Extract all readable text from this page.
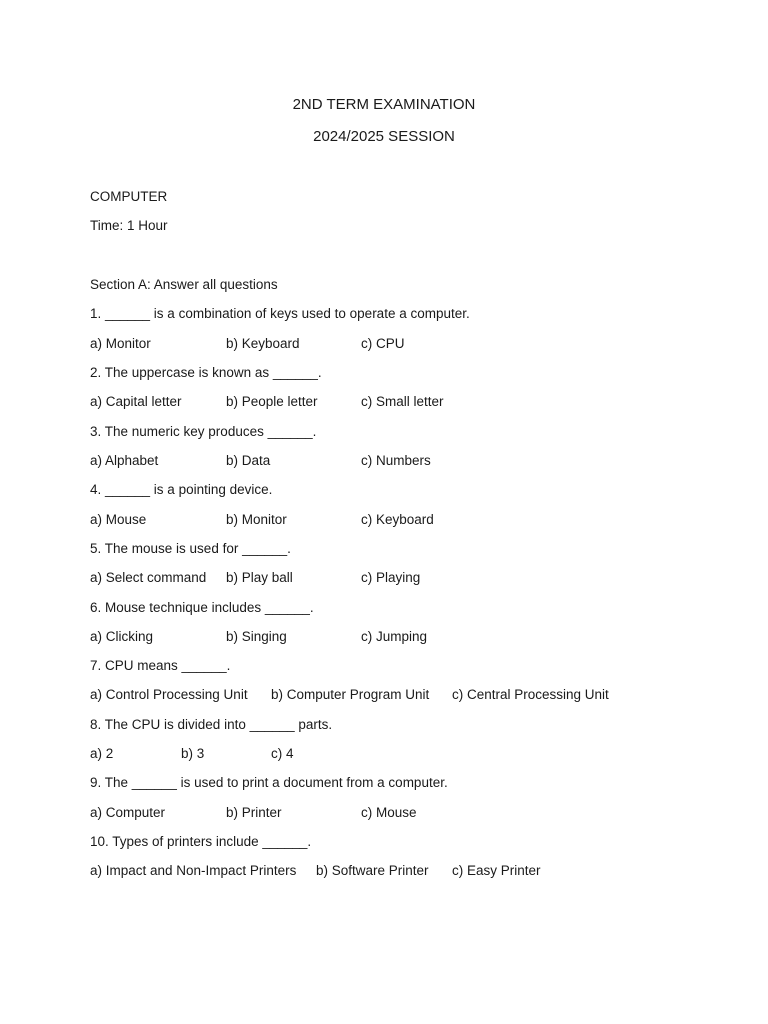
2ND TERM EXAMINATION
2024/2025 SESSION
COMPUTER
Time: 1 Hour
Section A: Answer all questions
1. ______ is a combination of keys used to operate a computer.
a) Monitor	b) Keyboard	c) CPU
2. The uppercase is known as ______.
a) Capital letter	b) People letter	c) Small letter
3. The numeric key produces ______.
a) Alphabet	b) Data	c) Numbers
4. ______ is a pointing device.
a) Mouse	b) Monitor	c) Keyboard
5. The mouse is used for ______.
a) Select command b) Play ball	c) Playing
6. Mouse technique includes ______.
a) Clicking	b) Singing	c) Jumping
7. CPU means ______.
a) Control Processing Unit b) Computer Program Unit c) Central Processing Unit
8. The CPU is divided into ______ parts.
a) 2	b) 3	c) 4
9. The ______ is used to print a document from a computer.
a) Computer	b) Printer	c) Mouse
10. Types of printers include ______.
a) Impact and Non-Impact Printers b) Software Printer c) Easy Printer
